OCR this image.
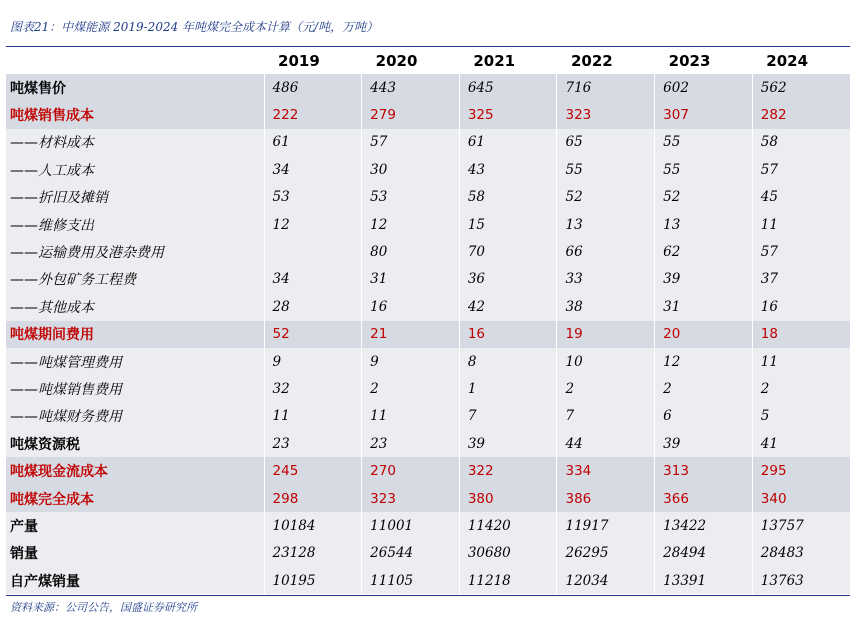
图表21：中煤能源 2019-2024 年吨煤完全成本计算（元/吨，万吨）
	2019	2020	2021	2022	2023	2024
吨煤售价	486	443	645	716	602	562
吨煤销售成本	222	279	325	323	307	282
——材料成本	61	57	61	65	55	58
——人工成本	34	30	43	55	55	57
——折旧及摊销	53	53	58	52	52	45
——维修支出	12	12	15	13	13	11
——运输费用及港杂费用		80	70	66	62	57
——外包矿务工程费	34	31	36	33	39	37
——其他成本	28	16	42	38	31	16
吨煤期间费用	52	21	16	19	20	18
——吨煤管理费用	9	9	8	10	12	11
——吨煤销售费用	32	2	1	2	2	2
——吨煤财务费用	11	11	7	7	6	5
吨煤资源税	23	23	39	44	39	41
吨煤现金流成本	245	270	322	334	313	295
吨煤完全成本	298	323	380	386	366	340
产量	10184	11001	11420	11917	13422	13757
销量	23128	26544	30680	26295	28494	28483
自产煤销量	10195	11105	11218	12034	13391	13763
资料来源：公司公告，国盛证券研究所
